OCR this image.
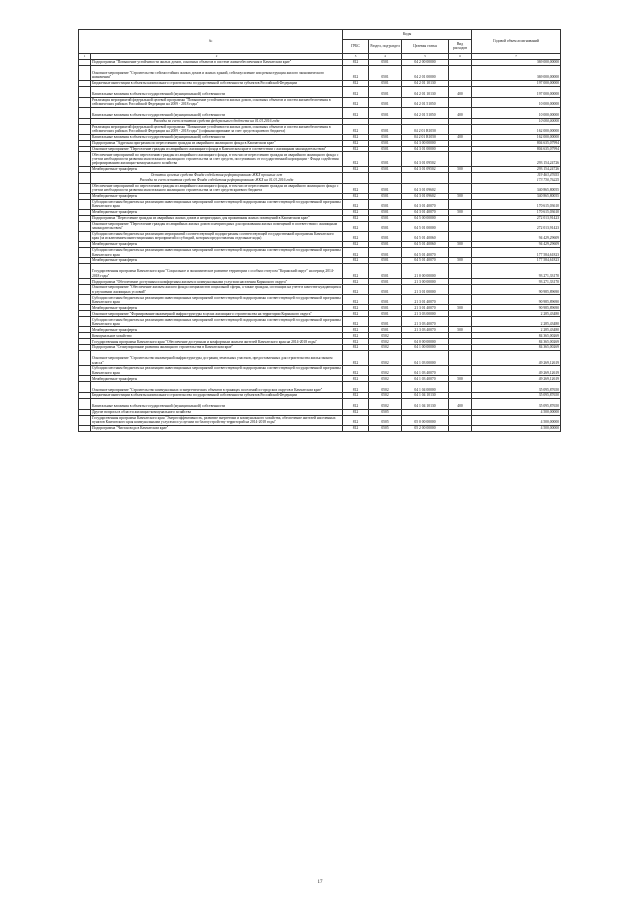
№		Коды				Годовой объем ассигнований
		ГРБС	Раздел, под-раздел	Целевая статья	Вид расходов	
1	2	3	4	5	6	7
	Подпрограмма "Повышение устойчивости жилых домов, основных объектов в системе жизнеобеспечения в Камчатском крае"	812	0501	04 2 00 00000		369 000,00000

Основное мероприятие "Строительство сейсмостойких жилых домов и жилых зданий, сейсмоусиление или реконструкция жилого экономического назначения"	812	0501	04 2 01 00000		369 000,00000
	Бюджетные инвестиции в объекты капитального строительства государственной собственности субъектов Российской Федерации	812	0501	04 2 01 10130		197 000,00000

Капитальные вложения в объекты государственной (муниципальной) собственности	812	0501	04 2 01 10130	400	197 000,00000
	Реализация мероприятий федеральной целевой программы "Повышение устойчивости жилых домов, основных объектов и систем жизнеобеспечения в сейсмических районах Российской Федерации на 2009 - 2018 годы"	812	0501	04 2 01 51050		10 000,00000

Капитальные вложения в объекты государственной (муниципальной) собственности	812	0501	04 2 01 51050	400	10 000,00000
	Расходы за счет остатков средств федерального бюджета на 01.01.2016 года					10 000,00000
	Реализация мероприятий федеральной целевой программы "Повышение устойчивости жилых домов, основных объектов и систем жизнеобеспечения в сейсмических районах Российской Федерации на 2009 - 2018 годы" (софинансирование за счет средств краевого бюджета)	812	0501	04 2 01 R1050		162 000,00000
	Капитальные вложения в объекты государственной (муниципальной) собственности	812	0501	04 2 01 R1050	400	162 000,00000
	Подпрограмма "Адресная программа по переселению граждан из аварийного жилищного фонда в Камчатском крае"	812	0501	04 3 00 00000		804 635,07994
	Основное мероприятие "Переселение граждан из аварийного жилищного фонда в Камчатском крае в соответствии с жилищным законодательством"	812	0501	04 3 01 00000		804 635,07994
	Обеспечение мероприятий по переселению граждан из аварийного жилищного фонда, в том числе переселению граждан из аварийного жилищного фонда с учетом необходимости развития малоэтажного жилищного строительства за счет средств, поступивших от государственной корпорации - Фонда содействия реформированию жилищно-коммунального хозяйства	812	0501	04 3 01 09502		293 154,24726
	Межбюджетные трансферты	812	0501	04 3 01 09502	500	293 154,24726
	Остатки целевых средств Фонда содействия реформированию ЖКХ прошлых лет					119 463,47655
	Расходы за счет остатков средств Фонда содействия реформированию ЖКХ на 01.01.2016 года					173 730,76225
	Обеспечение мероприятий по переселению граждан из аварийного жилищного фонда, в том числе переселению граждан из аварийного жилищного фонда с учетом необходимости развития малоэтажного жилищного строительства за счет средств краевого бюджета	812	0501	04 3 01 09602		340 865,80055
	Межбюджетные трансферты	812	0501	04 3 01 09602	500	340 865,80055
	Субсидии местным бюджетам на реализацию инвестиционных мероприятий соответствующей подпрограммы соответствующей государственной программы Камчатского края	812	0501	04 3 01 40070		170 615,03610
	Межбюджетные трансферты	812	0501	04 3 01 40070	500	170 615,03610
	Подпрограмма "Переселение граждан из аварийных жилых домов и непригодных для проживания жилых помещений в Камчатском крае"	812	0501	04 5 00 00000		272 013,91423
	Основное мероприятие "Переселение граждан из аварийных жилых домов и непригодных для проживания жилых помещений в соответствии с жилищным законодательством"	812	0501	04 5 01 00000		272 013,91423
	Субсидии местным бюджетам на реализацию мероприятий соответствующей подпрограммы соответствующей государственной программы Камчатского края (за исключением инвестиционных мероприятий и субсидий, которым предоставлены отдельные коды)	812	0501	04 5 01 40060		94 429,29609
	Межбюджетные трансферты	812	0501	04 5 01 40060	500	94 429,29609
	Субсидии местным бюджетам на реализацию инвестиционных мероприятий соответствующей подпрограммы соответствующей государственной программы Камчатского края	812	0501	04 5 01 40070		177 584,61823
	Межбюджетные трансферты	812	0501	04 5 01 40070	500	177 584,61823

Государственная программа Камчатского края "Социальное и экономическое развитие территории с особым статусом "Корякский округ" на период 2014-2018 годы"	812	0501	21 0 00 00000		93 271,33170
	Подпрограмма "Обеспечение доступным и комфортным жильем и коммунальными услугами населения Корякского округа"	812	0501	21 3 00 00000		93 271,33170
	Основное мероприятие "Обеспечение жильем жилого фонда специалистов социальной сферы, а также граждан, состоящих на учете в качестве нуждающихся в улучшении жилищных условий"	812	0501	21 3 01 00000		90 985,89690
	Субсидии местным бюджетам на реализацию инвестиционных мероприятий соответствующей подпрограммы соответствующей государственной программы Камчатского края	812	0501	21 3 01 40070		90 985,89690
	Межбюджетные трансферты	812	0501	21 3 01 40070	500	90 985,89690
	Основное мероприятие "Формирование инженерной инфраструктуры в целях жилищного строительства на территории Корякского округа"	812	0501	21 3 03 00000		2 285,43480
	Субсидии местным бюджетам на реализацию инвестиционных мероприятий соответствующей подпрограммы соответствующей государственной программы Камчатского края	812	0501	21 3 03 40070		2 285,43480
	Межбюджетные трансферты	812	0501	21 3 03 40070	500	2 285,43480
	Коммунальное хозяйство	812	0502			84 365,00269
	Государственная программа Камчатского края "Обеспечение доступным и комфортным жильем жителей Камчатского края на 2014-2018 годы"	812	0502	04 0 00 00000		84 365,00269
	Подпрограмма "Стимулирование развития жилищного строительства в Камчатском крае"	812	0502	04 1 00 00000		84 365,00269

Основное мероприятие "Строительство инженерной инфраструктуры до границ земельных участков, предоставленных для строительства жилья эконом класса"	812	0502	04 1 03 00000		49 269,12619
	Субсидии местным бюджетам на реализацию инвестиционных мероприятий соответствующей подпрограммы соответствующей государственной программы Камчатского края	812	0502	04 1 03 40070		49 269,12619
	Межбюджетные трансферты	812	0502	04 1 03 40070	500	49 269,12619

Основное мероприятие "Строительство коммунальных и энергетических объектов в границах поселений и городских округов в Камчатском крае"	812	0502	04 1 04 00000		35 095,87650
	Бюджетные инвестиции в объекты капитального строительства государственной собственности субъектов Российской Федерации	812	0502	04 1 04 10130		35 095,87650

Капитальные вложения в объекты государственной (муниципальной) собственности	812	0502	04 1 04 10130	400	35 095,87650
	Другие вопросы в области жилищно-коммунального хозяйства	812	0505			4 500,00000
	Государственная программа Камчатского края "Энергоэффективность, развитие энергетики и коммунального хозяйства, обеспечение жителей населенных пунктов Камчатского края коммунальными услугами и услугами по благоустройству территорий на 2014-2018 годы"	812	0505	05 0 00 00000		4 500,00000
	Подпрограмма "Чистая вода в Камчатском крае"	812	0505	05 2 00 00000		4 500,00000
17
